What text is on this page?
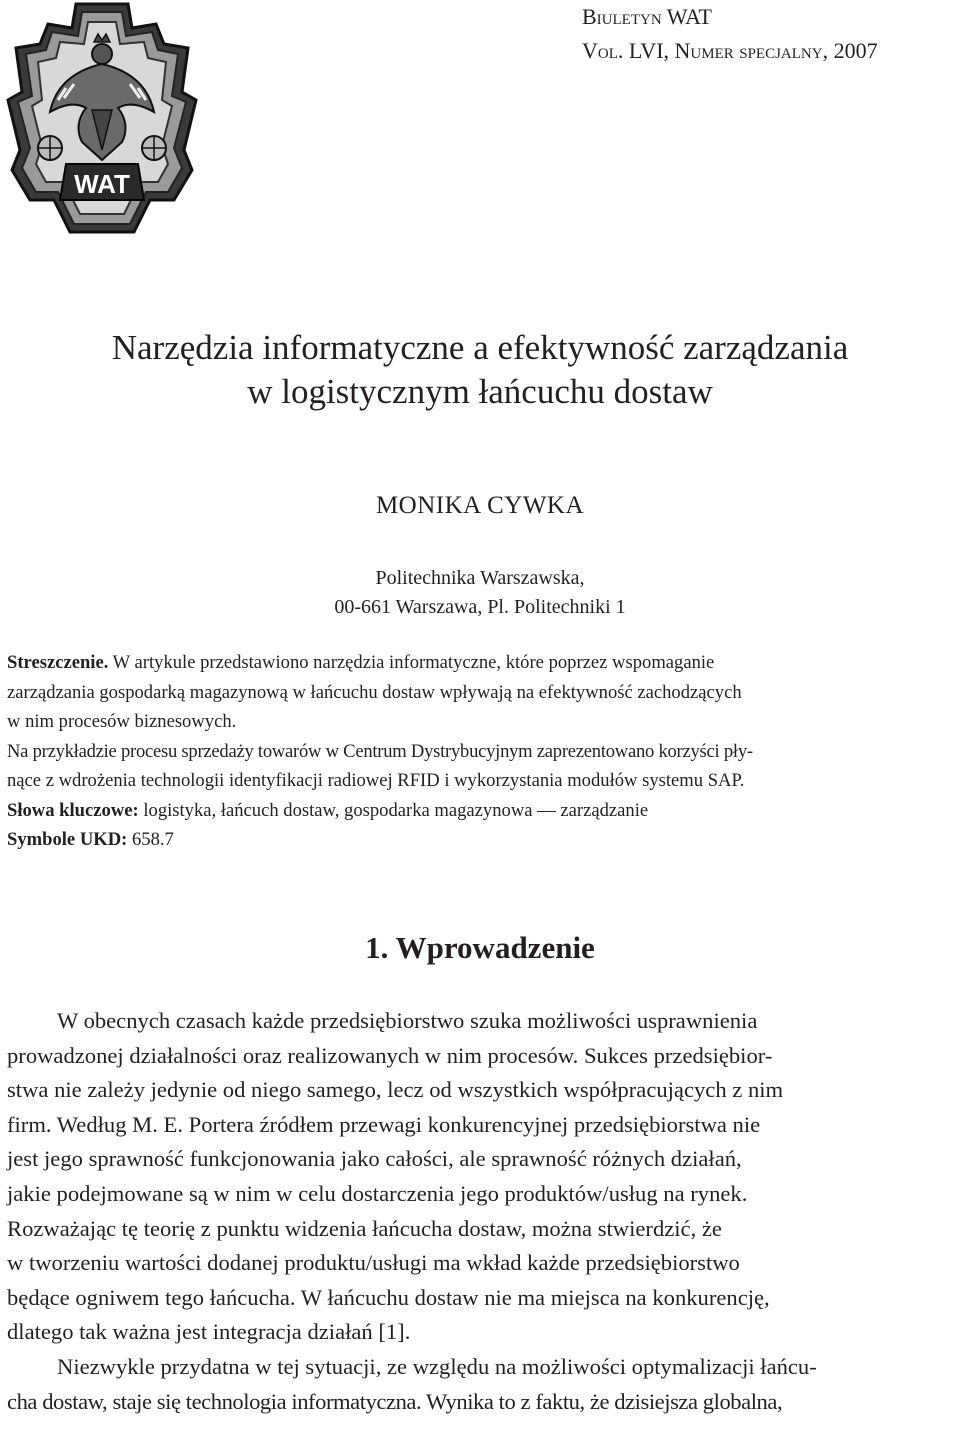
WAT
Biuletyn WAT
Vol. LVI, Numer specjalny, 2007
Narzędzia informatyczne a efektywność zarządzania
w logistycznym łańcuchu dostaw
MONIKA CYWKA
Politechnika Warszawska,
00-661 Warszawa, Pl. Politechniki 1
Streszczenie. W artykule przedstawiono narzędzia informatyczne, które poprzez wspomaganie
zarządzania gospodarką magazynową w łańcuchu dostaw wpływają na efektywność zachodzących
w nim procesów biznesowych.
Na przykładzie procesu sprzedaży towarów w Centrum Dystrybucyjnym zaprezentowano korzyści pły-
nące z wdrożenia technologii identyfikacji radiowej RFID i wykorzystania modułów systemu SAP.
Słowa kluczowe: logistyka, łańcuch dostaw, gospodarka magazynowa — zarządzanie
Symbole UKD: 658.7
1. Wprowadzenie
W obecnych czasach każde przedsiębiorstwo szuka możliwości usprawnienia
prowadzonej działalności oraz realizowanych w nim procesów. Sukces przedsiębior-
stwa nie zależy jedynie od niego samego, lecz od wszystkich współpracujących z nim
firm. Według M. E. Portera źródłem przewagi konkurencyjnej przedsiębiorstwa nie
jest jego sprawność funkcjonowania jako całości, ale sprawność różnych działań,
jakie podejmowane są w nim w celu dostarczenia jego produktów/usług na rynek.
Rozważając tę teorię z punktu widzenia łańcucha dostaw, można stwierdzić, że
w tworzeniu wartości dodanej produktu/usługi ma wkład każde przedsiębiorstwo
będące ogniwem tego łańcucha. W łańcuchu dostaw nie ma miejsca na konkurencję,
dlatego tak ważna jest integracja działań [1].
Niezwykle przydatna w tej sytuacji, ze względu na możliwości optymalizacji łańcu-
cha dostaw, staje się technologia informatyczna. Wynika to z faktu, że dzisiejsza globalna,
